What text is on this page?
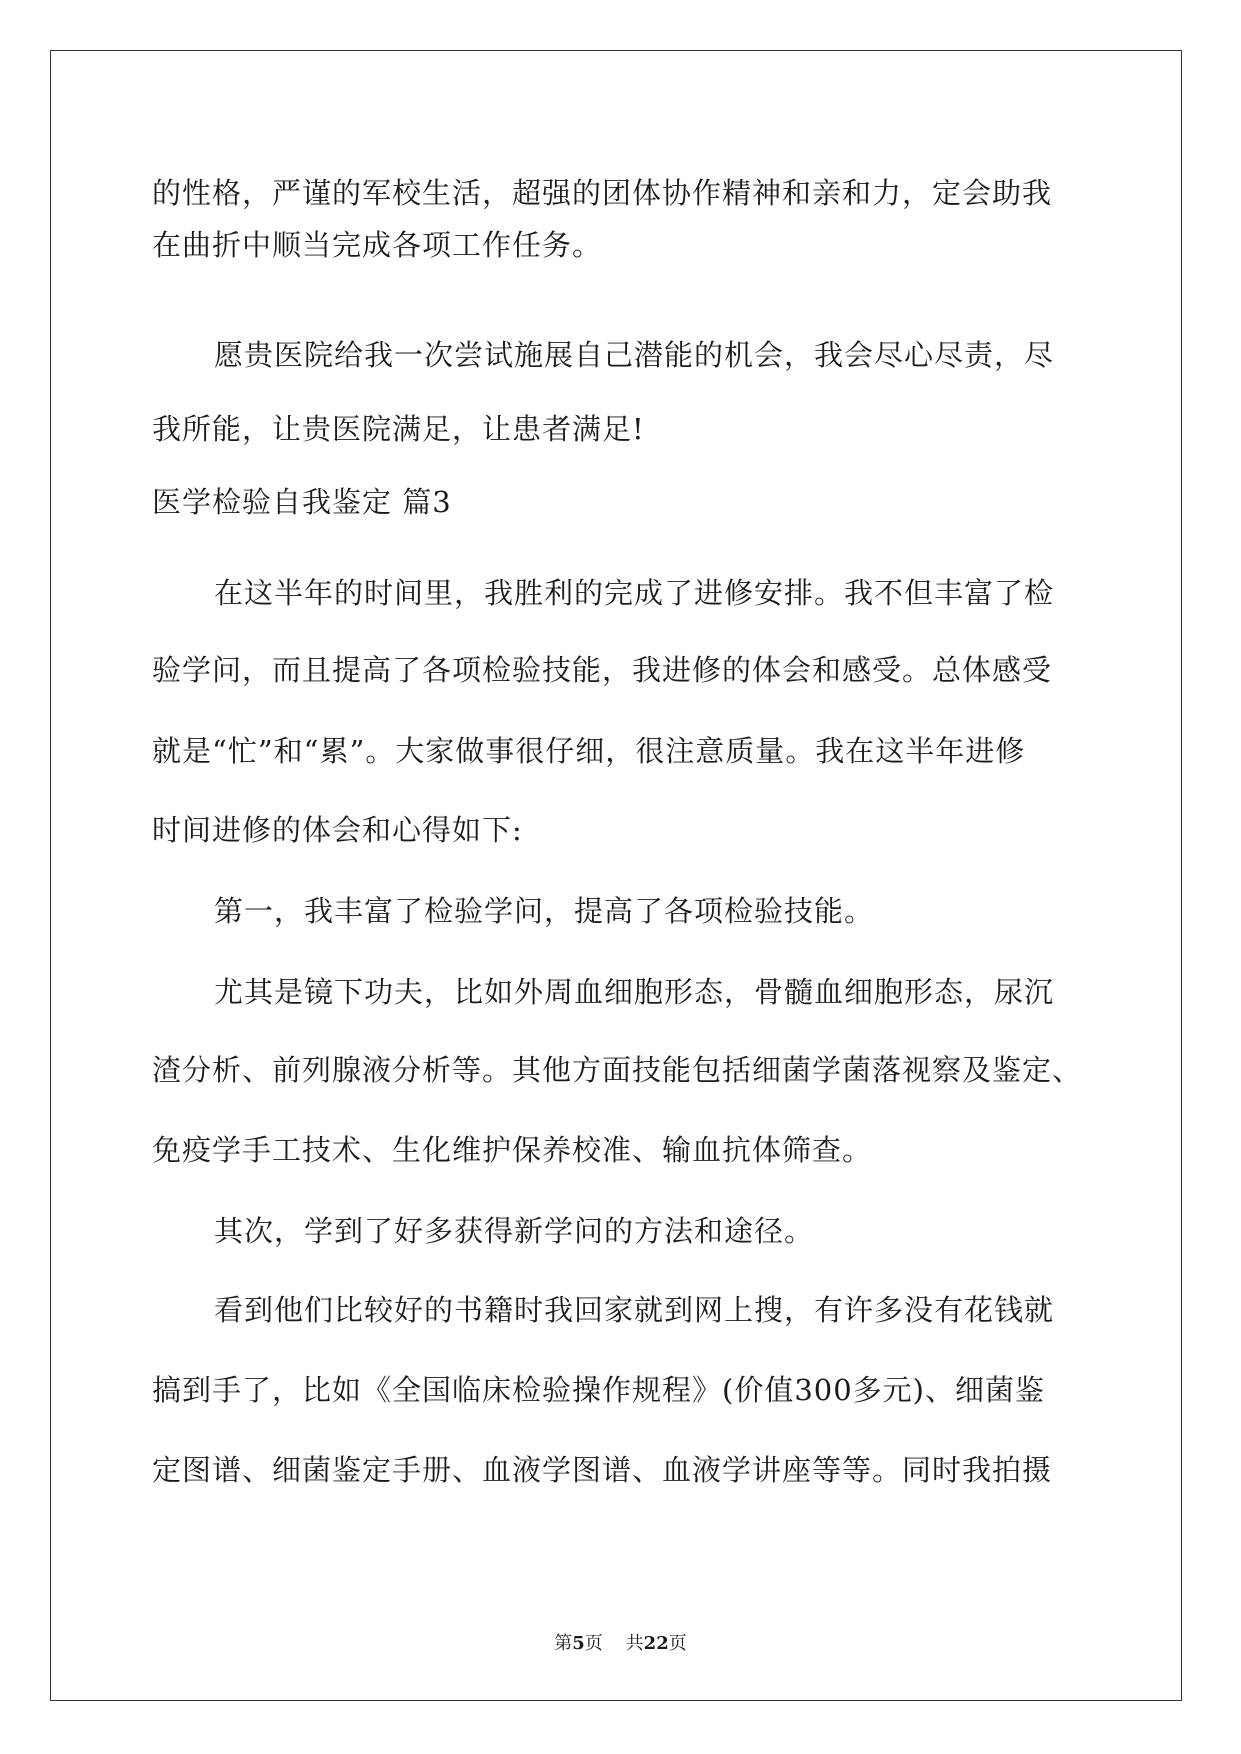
的性格，严谨的军校生活，超强的团体协作精神和亲和力，定会助我
在曲折中顺当完成各项工作任务。
愿贵医院给我一次尝试施展自己潜能的机会，我会尽心尽责，尽
我所能，让贵医院满足，让患者满足!
医学检验自我鉴定 篇3
在这半年的时间里，我胜利的完成了进修安排。我不但丰富了检
验学问，而且提高了各项检验技能，我进修的体会和感受。总体感受
就是“忙”和“累”。大家做事很仔细，很注意质量。我在这半年进修
时间进修的体会和心得如下:
第一，我丰富了检验学问，提高了各项检验技能。
尤其是镜下功夫，比如外周血细胞形态，骨髓血细胞形态，尿沉
渣分析、前列腺液分析等。其他方面技能包括细菌学菌落视察及鉴定、
免疫学手工技术、生化维护保养校准、输血抗体筛查。
其次，学到了好多获得新学问的方法和途径。
看到他们比较好的书籍时我回家就到网上搜，有许多没有花钱就
搞到手了，比如《全国临床检验操作规程》(价值300多元)、细菌鉴
定图谱、细菌鉴定手册、血液学图谱、血液学讲座等等。同时我拍摄
第5页 共22页
